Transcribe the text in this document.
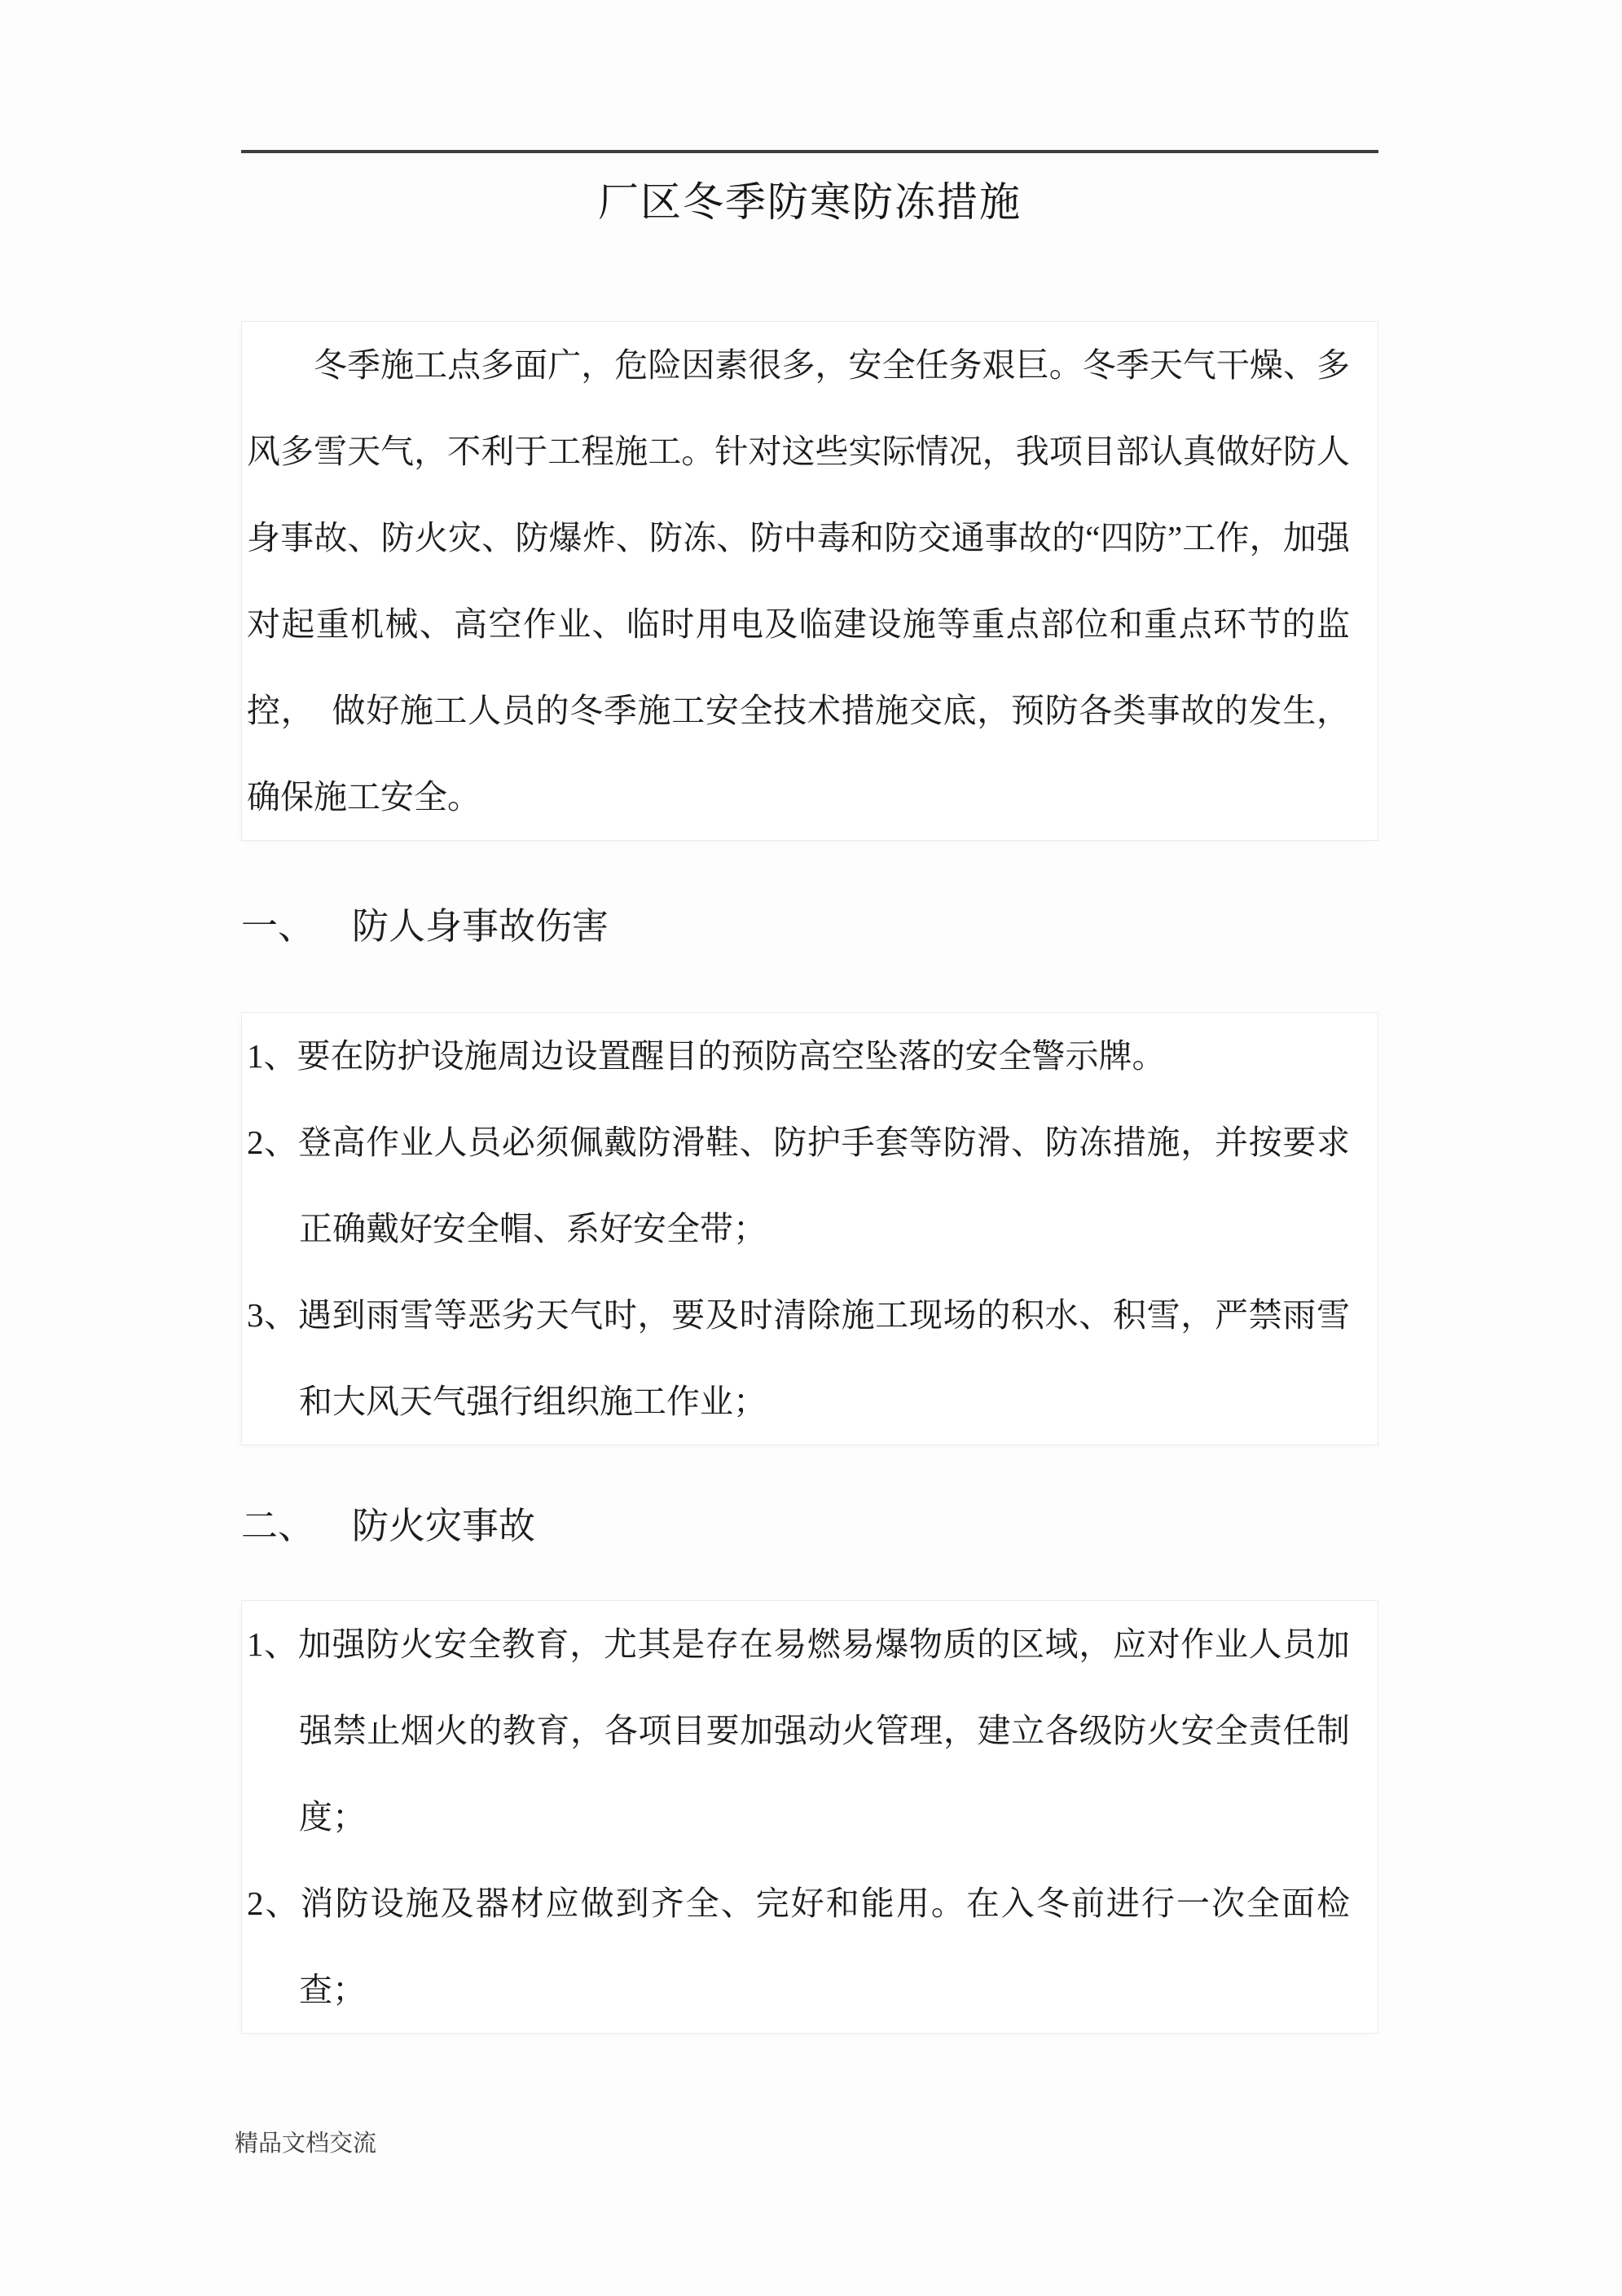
厂区冬季防寒防冻措施

冬季施工点多面广，危险因素很多，安全任务艰巨。冬季天气干燥、多风多雪天气，不利于工程施工。针对这些实际情况，我项目部认真做好防人身事故、防火灾、防爆炸、防冻、防中毒和防交通事故的“四防”工作，加强对起重机械、高空作业、临时用电及临建设施等重点部位和重点环节的监控，　做好施工人员的冬季施工安全技术措施交底，预防各类事故的发生，确保施工安全。

一、 防人身事故伤害
1、要在防护设施周边设置醒目的预防高空坠落的安全警示牌。
2、登高作业人员必须佩戴防滑鞋、防护手套等防滑、防冻措施，并按要求正确戴好安全帽、系好安全带；
3、遇到雨雪等恶劣天气时，要及时清除施工现场的积水、积雪，严禁雨雪和大风天气强行组织施工作业；
二、 防火灾事故
1、加强防火安全教育，尤其是存在易燃易爆物质的区域，应对作业人员加强禁止烟火的教育，各项目要加强动火管理，建立各级防火安全责任制度；
2、消防设施及器材应做到齐全、完好和能用。在入冬前进行一次全面检查；
精品文档交流
